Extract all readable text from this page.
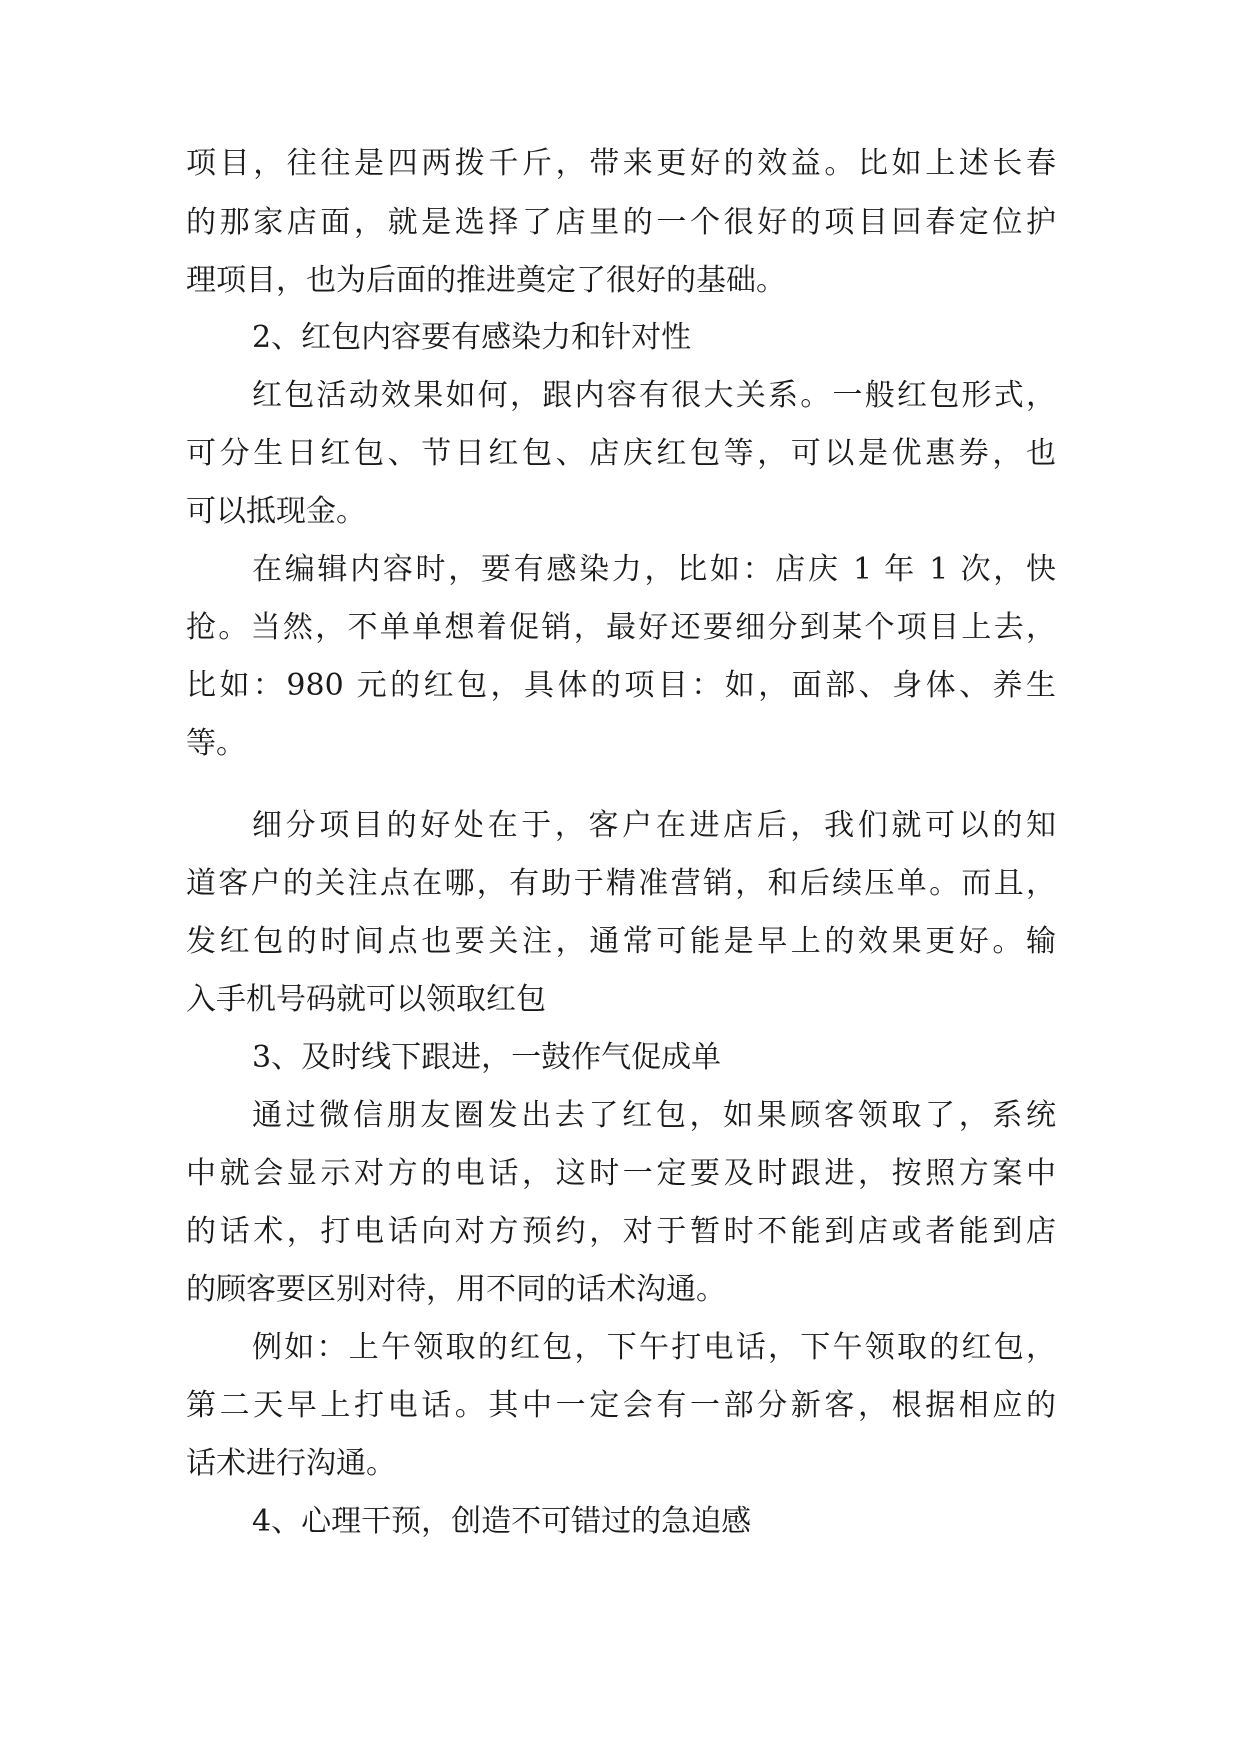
项目，往往是四两拨千斤，带来更好的效益。比如上述长春

的那家店面，就是选择了店里的一个很好的项目回春定位护

理项目，也为后面的推进奠定了很好的基础。

2、红包内容要有感染力和针对性

红包活动效果如何，跟内容有很大关系。一般红包形式，

可分生日红包、节日红包、店庆红包等，可以是优惠券，也

可以抵现金。

在编辑内容时，要有感染力，比如：店庆 1 年 1 次，快

抢。当然，不单单想着促销，最好还要细分到某个项目上去，

比如：980 元的红包，具体的项目：如，面部、身体、养生

等。

细分项目的好处在于，客户在进店后，我们就可以的知

道客户的关注点在哪，有助于精准营销，和后续压单。而且，

发红包的时间点也要关注，通常可能是早上的效果更好。输

入手机号码就可以领取红包

3、及时线下跟进，一鼓作气促成单

通过微信朋友圈发出去了红包，如果顾客领取了，系统

中就会显示对方的电话，这时一定要及时跟进，按照方案中

的话术，打电话向对方预约，对于暂时不能到店或者能到店

的顾客要区别对待，用不同的话术沟通。

例如：上午领取的红包，下午打电话，下午领取的红包，

第二天早上打电话。其中一定会有一部分新客，根据相应的

话术进行沟通。

4、心理干预，创造不可错过的急迫感
